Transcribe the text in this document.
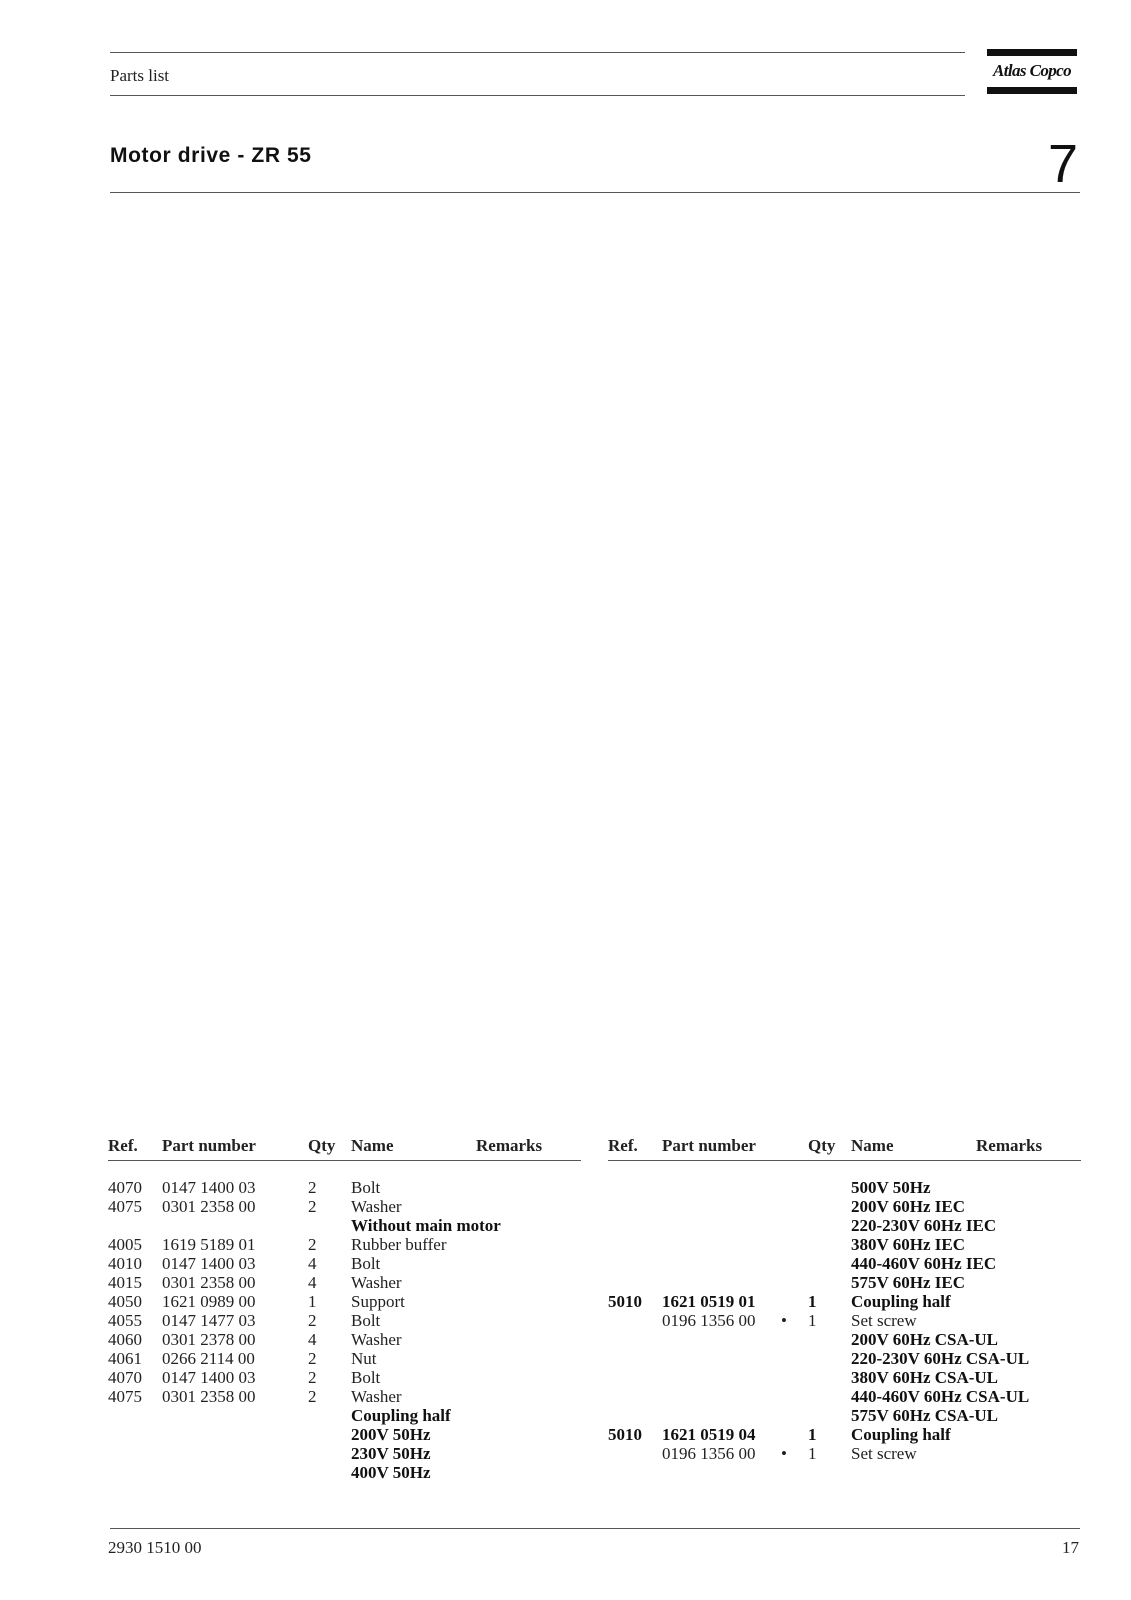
Parts list	Atlas Copco
Motor drive - ZR 55	7
Ref. Part number	Qty Name	Remarks	Ref. Part number	Qty Name	Remarks
4070 0147 1400 03	2 Bolt
4075 0301 2358 00	2 Washer
Without main motor
4005 1619 5189 01	2 Rubber buffer
4010 0147 1400 03	4 Bolt
4015 0301 2358 00	4 Washer
4050 1621 0989 00	1 Support
4055 0147 1477 03	2 Bolt
4060 0301 2378 00	4 Washer
4061 0266 2114 00	2 Nut
4070 0147 1400 03	2 Bolt
4075 0301 2358 00	2 Washer
Coupling half
200V 50Hz
230V 50Hz
400V 50Hz
500V 50Hz
200V 60Hz IEC
220-230V 60Hz IEC
380V 60Hz IEC
440-460V 60Hz IEC
575V 60Hz IEC
5010 1621 0519 01	1 Coupling half
0196 1356 00 • 1 Set screw
200V 60Hz CSA-UL
220-230V 60Hz CSA-UL
380V 60Hz CSA-UL
440-460V 60Hz CSA-UL
575V 60Hz CSA-UL
5010 1621 0519 04	1 Coupling half
0196 1356 00 • 1 Set screw
2930 1510 00	17
